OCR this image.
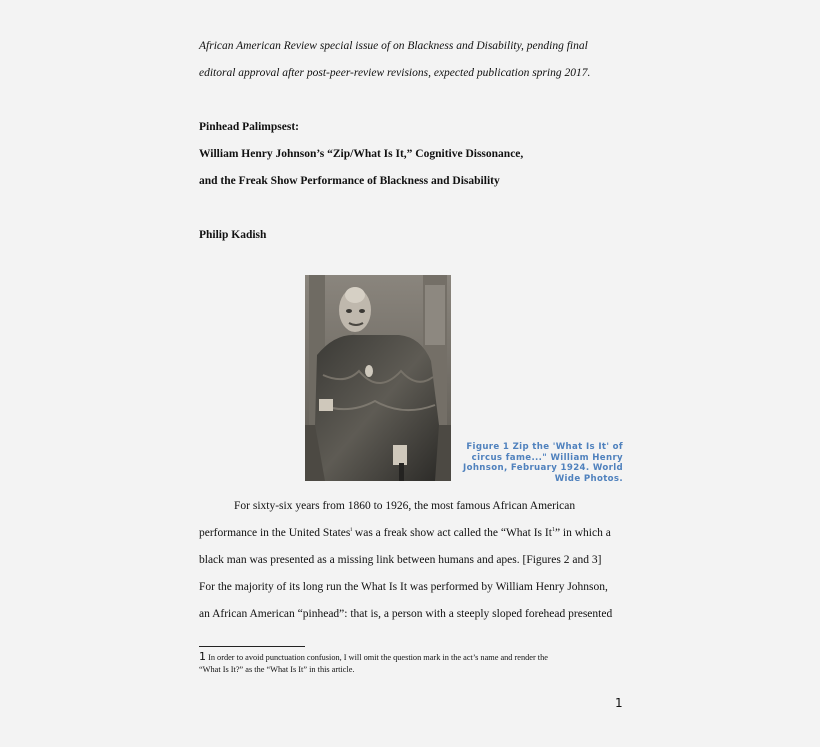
African American Review special issue of on Blackness and Disability, pending final
editoral approval after post-peer-review revisions, expected publication spring 2017.
Pinhead Palimpsest:
William Henry Johnson’s “Zip/What Is It,” Cognitive Dissonance,
and the Freak Show Performance of Blackness and Disability
Philip Kadish
Figure 1 Zip the 'What Is It' of
circus fame..." William Henry
Johnson, February 1924. World
Wide Photos.
For sixty-six years from 1860 to 1926, the most famous African American
performance in the United States$^i$ was a freak show act called the “What Is It$^1$” in which a
black man was presented as a missing link between humans and apes. [Figures 2 and 3]
For the majority of its long run the What Is It was performed by William Henry Johnson,
an African American “pinhead”: that is, a person with a steeply sloped forehead presented
1 In order to avoid punctuation confusion, I will omit the question mark in the act’s name and render the
“What Is It?” as the “What Is It” in this article.
1
